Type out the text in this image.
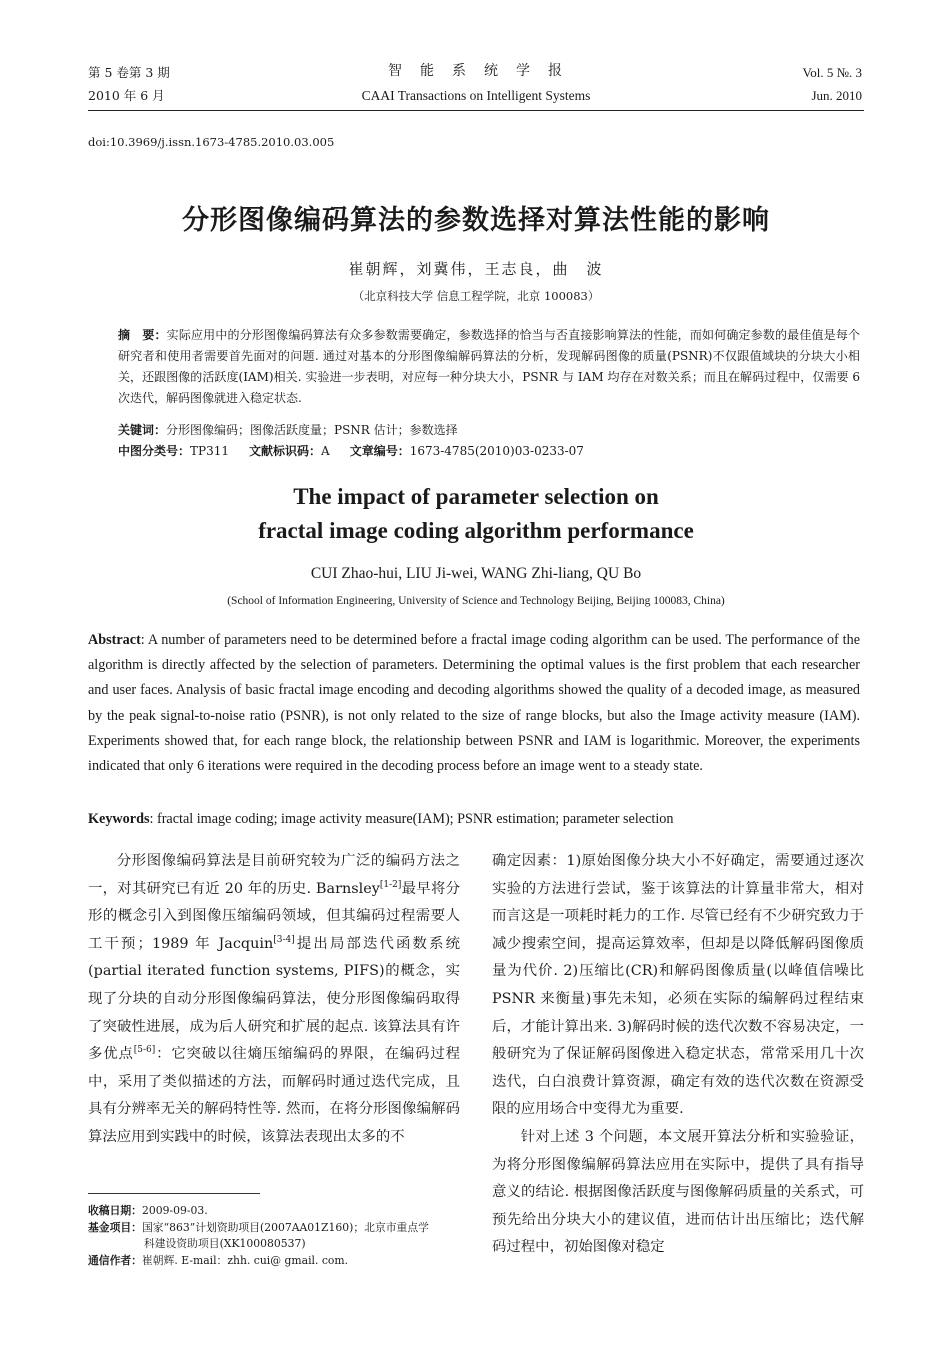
第 5 卷第 3 期
2010 年 6 月
智　能　系　统　学　报
CAAI Transactions on Intelligent Systems
Vol. 5 №. 3
Jun. 2010
doi:10.3969/j.issn.1673-4785.2010.03.005
分形图像编码算法的参数选择对算法性能的影响
崔朝辉，刘冀伟，王志良，曲　波
（北京科技大学 信息工程学院，北京 100083）
摘　要：实际应用中的分形图像编码算法有众多参数需要确定，参数选择的恰当与否直接影响算法的性能，而如何确定参数的最佳值是每个研究者和使用者需要首先面对的问题. 通过对基本的分形图像编解码算法的分析，发现解码图像的质量(PSNR)不仅跟值域块的分块大小相关，还跟图像的活跃度(IAM)相关. 实验进一步表明，对应每一种分块大小，PSNR 与 IAM 均存在对数关系；而且在解码过程中，仅需要 6 次迭代，解码图像就进入稳定状态.
关键词：分形图像编码；图像活跃度量；PSNR 估计；参数选择
中图分类号：TP311 文献标识码：A 文章编号：1673-4785(2010)03-0233-07
The impact of parameter selection on
fractal image coding algorithm performance
CUI Zhao-hui, LIU Ji-wei, WANG Zhi-liang, QU Bo
(School of Information Engineering, University of Science and Technology Beijing, Beijing 100083, China)
Abstract: A number of parameters need to be determined before a fractal image coding algorithm can be used. The performance of the algorithm is directly affected by the selection of parameters. Determining the optimal values is the first problem that each researcher and user faces. Analysis of basic fractal image encoding and decoding algorithms showed the quality of a decoded image, as measured by the peak signal-to-noise ratio (PSNR), is not only related to the size of range blocks, but also the Image activity measure (IAM). Experiments showed that, for each range block, the relationship between PSNR and IAM is logarithmic. Moreover, the experiments indicated that only 6 iterations were required in the decoding process before an image went to a steady state.
Keywords: fractal image coding; image activity measure(IAM); PSNR estimation; parameter selection

分形图像编码算法是目前研究较为广泛的编码方法之一，对其研究已有近 20 年的历史. Barnsley[1-2]最早将分形的概念引入到图像压缩编码领域，但其编码过程需要人工干预；1989 年 Jacquin[3-4]提出局部迭代函数系统(partial iterated function systems, PIFS)的概念，实现了分块的自动分形图像编码算法，使分形图像编码取得了突破性进展，成为后人研究和扩展的起点. 该算法具有许多优点[5-6]：它突破以往熵压缩编码的界限，在编码过程中，采用了类似描述的方法，而解码时通过迭代完成，且具有分辨率无关的解码特性等. 然而，在将分形图像编解码算法应用到实践中的时候，该算法表现出太多的不

确定因素：1)原始图像分块大小不好确定，需要通过逐次实验的方法进行尝试，鉴于该算法的计算量非常大，相对而言这是一项耗时耗力的工作. 尽管已经有不少研究致力于减少搜索空间，提高运算效率，但却是以降低解码图像质量为代价. 2)压缩比(CR)和解码图像质量(以峰值信噪比 PSNR 来衡量)事先未知，必须在实际的编解码过程结束后，才能计算出来. 3)解码时候的迭代次数不容易决定，一般研究为了保证解码图像进入稳定状态，常常采用几十次迭代，白白浪费计算资源，确定有效的迭代次数在资源受限的应用场合中变得尤为重要.

针对上述 3 个问题，本文展开算法分析和实验验证，为将分形图像编解码算法应用在实际中，提供了具有指导意义的结论. 根据图像活跃度与图像解码质量的关系式，可预先给出分块大小的建议值，进而估计出压缩比；迭代解码过程中，初始图像对稳定

收稿日期：2009-09-03.
基金项目：国家“863”计划资助项目(2007AA01Z160)；北京市重点学
科建设资助项目(XK100080537)
通信作者：崔朝辉. E-mail：zhh. cui@ gmail. com.
